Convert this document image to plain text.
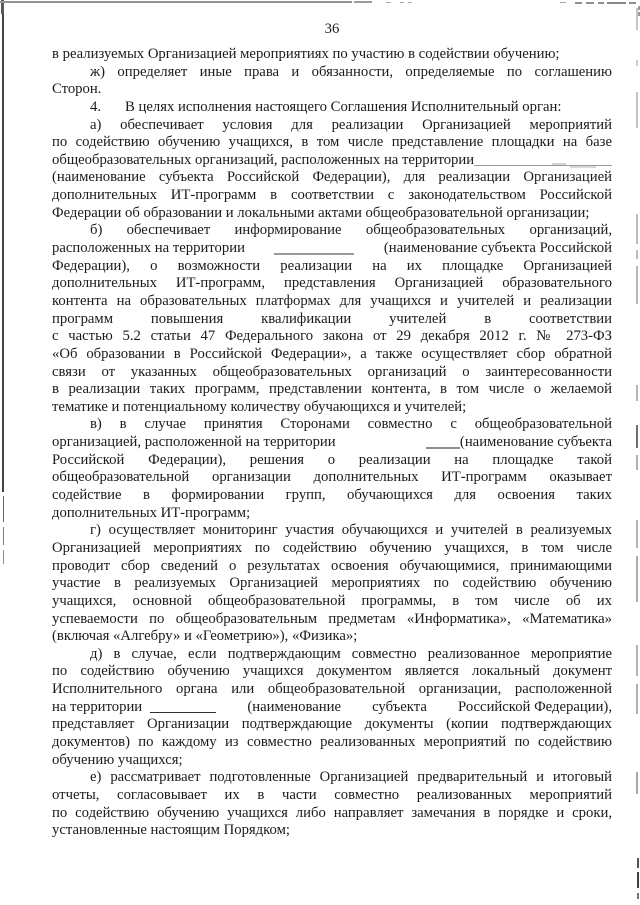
36
в реализуемых Организацией мероприятиях по участию в содействии обучению;
ж) определяет иные права и обязанности, определяемые по соглашению
Сторон.
4. В целях исполнения настоящего Соглашения Исполнительный орган:
а) обеспечивает условия для реализации Организацией мероприятий
по содействию обучению учащихся, в том числе представление площадки на базе
общеобразовательных организаций, расположенных на территории
(наименование субъекта Российской Федерации), для реализации Организацией
дополнительных ИТ-программ в соответствии с законодательством Российской
Федерации об образовании и локальными актами общеобразовательной организации;
б) обеспечивает информирование общеобразовательных организаций,
расположенных на территории	(наименование субъекта Российской
Федерации), о возможности реализации на их площадке Организацией
дополнительных ИТ-программ, представления Организацией образовательного
контента на образовательных платформах для учащихся и учителей и реализации
программ повышения квалификации учителей в соответствии
с частью 5.2 статьи 47 Федерального закона от 29 декабря 2012 г. № 273-ФЗ
«Об образовании в Российской Федерации», а также осуществляет сбор обратной
связи от указанных общеобразовательных организаций о заинтересованности
в реализации таких программ, представлении контента, в том числе о желаемой
тематике и потенциальному количеству обучающихся и учителей;
в) в случае принятия Сторонами совместно с общеобразовательной
организацией, расположенной на территории	(наименование субъекта
Российской Федерации), решения о реализации на площадке такой
общеобразовательной организации дополнительных ИТ-программ оказывает
содействие в формировании групп, обучающихся для освоения таких
дополнительных ИТ-программ;
г) осуществляет мониторинг участия обучающихся и учителей в реализуемых
Организацией мероприятиях по содействию обучению учащихся, в том числе
проводит сбор сведений о результатах освоения обучающимися, принимающими
участие в реализуемых Организацией мероприятиях по содействию обучению
учащихся, основной общеобразовательной программы, в том числе об их
успеваемости по общеобразовательным предметам «Информатика», «Математика»
(включая «Алгебру» и «Геометрию»), «Физика»;
д) в случае, если подтверждающим совместно реализованное мероприятие
по содействию обучению учащихся документом является локальный документ
Исполнительного органа или общеобразовательной организации, расположенной
на территории	(наименование субъекта Российской Федерации),
представляет Организации подтверждающие документы (копии подтверждающих
документов) по каждому из совместно реализованных мероприятий по содействию
обучению учащихся;
е) рассматривает подготовленные Организацией предварительный и итоговый
отчеты, согласовывает их в части совместно реализованных мероприятий
по содействию обучению учащихся либо направляет замечания в порядке и сроки,
установленные настоящим Порядком;
